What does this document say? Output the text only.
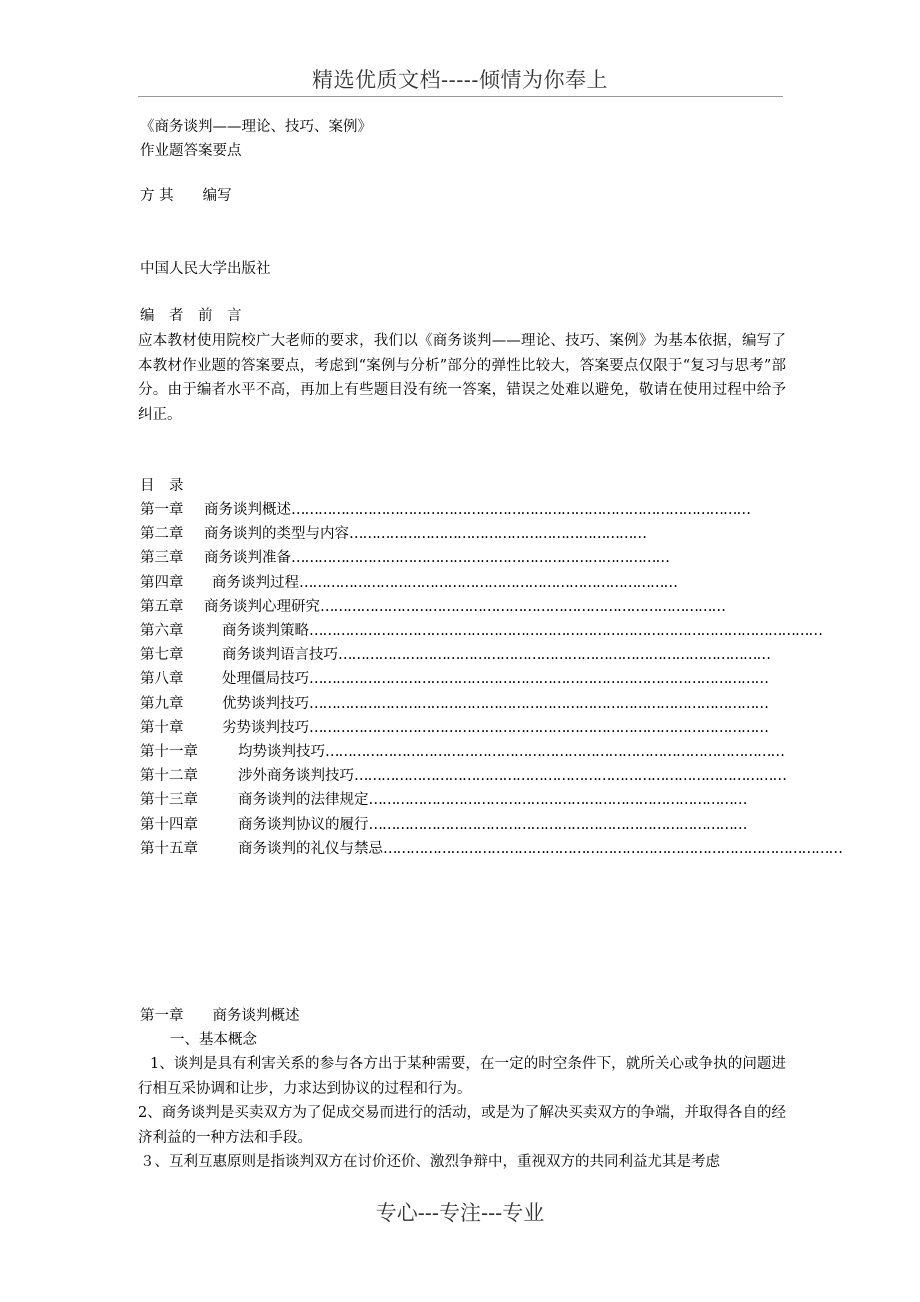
精选优质文档-----倾情为你奉上
《商务谈判——理论、技巧、案例》
作业题答案要点
方 其　　编写
中国人民大学出版社
编　者　前　言
应本教材使用院校广大老师的要求，我们以《商务谈判——理论、技巧、案例》为基本依据，编写了本教材作业题的答案要点，考虑到“案例与分析”部分的弹性比较大，答案要点仅限于“复习与思考”部分。由于编者水平不高，再加上有些题目没有统一答案，错误之处难以避免，敬请在使用过程中给予纠正。
目　录
第一章 商务谈判概述…………………………………………………………………………………………
第二章 商务谈判的类型与内容…………………………………………………………
第三章 商务谈判准备…………………………………………………………………………
第四章 商务谈判过程…………………………………………………………………………
第五章 商务谈判心理研究………………………………………………………………………………
第六章	商务谈判策略……………………………………………………………………………………………………
第七章	商务谈判语言技巧……………………………………………………………………………………
第八章	处理僵局技巧…………………………………………………………………………………………
第九章	优势谈判技巧…………………………………………………………………………………………
第十章	劣势谈判技巧…………………………………………………………………………………………
第十一章	均势谈判技巧…………………………………………………………………………………………
第十二章	涉外商务谈判技巧……………………………………………………………………………………
第十三章	商务谈判的法律规定…………………………………………………………………………
第十四章	商务谈判协议的履行…………………………………………………………………………
第十五章	商务谈判的礼仪与禁忌…………………………………………………………………………………………
第一章　　商务谈判概述
一、基本概念
1、谈判是具有利害关系的参与各方出于某种需要，在一定的时空条件下，就所关心或争执的问题进行相互采协调和让步，力求达到协议的过程和行为。
2、商务谈判是买卖双方为了促成交易而进行的活动，或是为了解决买卖双方的争端，并取得各自的经济利益的一种方法和手段。
３、互利互惠原则是指谈判双方在讨价还价、激烈争辩中，重视双方的共同利益尤其是考虑
专心---专注---专业
